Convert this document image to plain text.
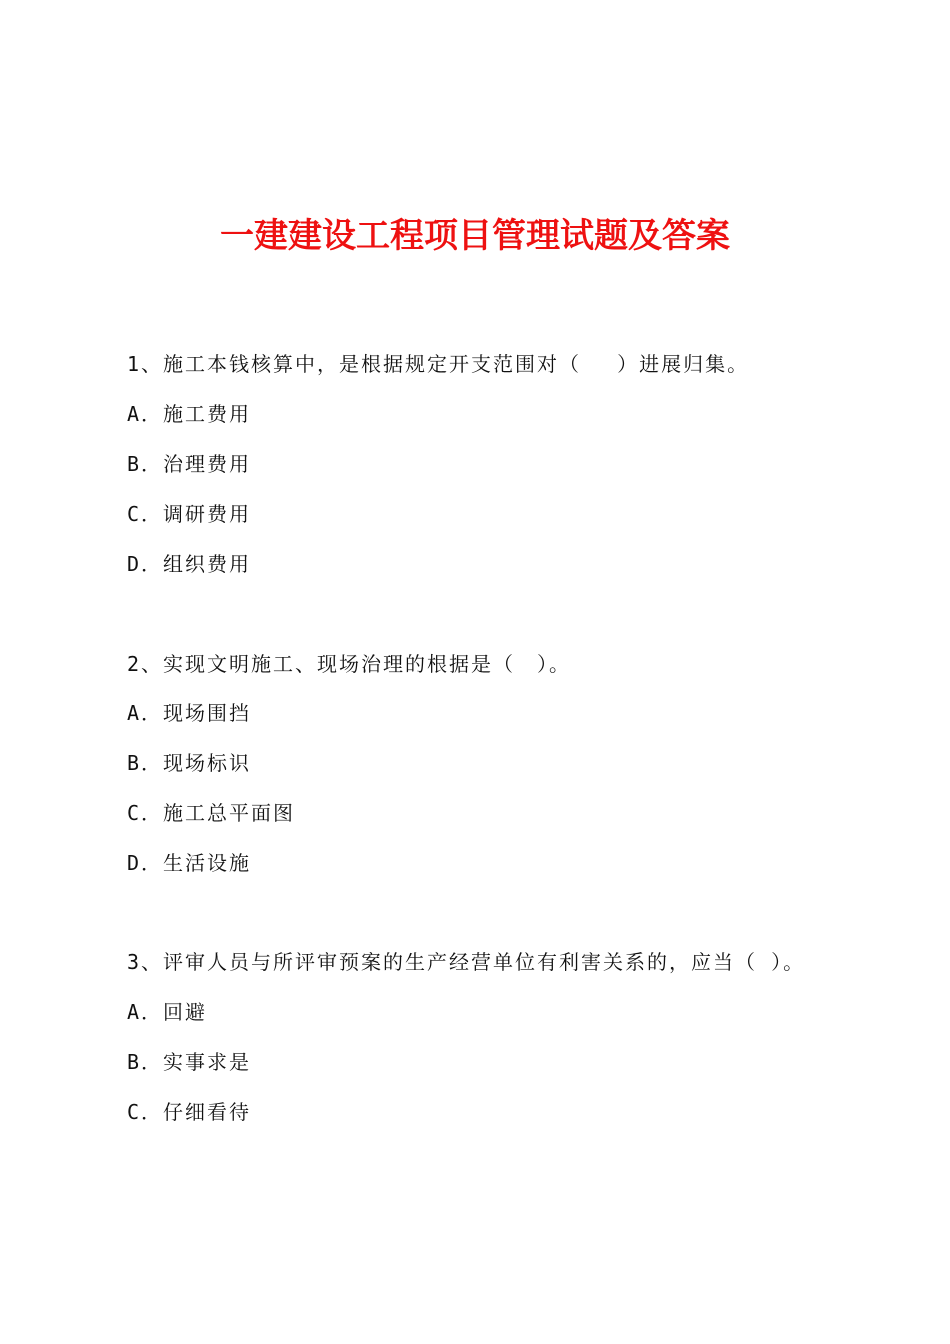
一建建设工程项目管理试题及答案
1、施工本钱核算中，是根据规定开支范围对（　 ）进展归集。
A．施工费用
B．治理费用
C．调研费用
D．组织费用
2、实现文明施工、现场治理的根据是（　）。
A．现场围挡
B．现场标识
C．施工总平面图
D．生活设施
3、评审人员与所评审预案的生产经营单位有利害关系的，应当（ ）。
A．回避
B．实事求是
C．仔细看待
